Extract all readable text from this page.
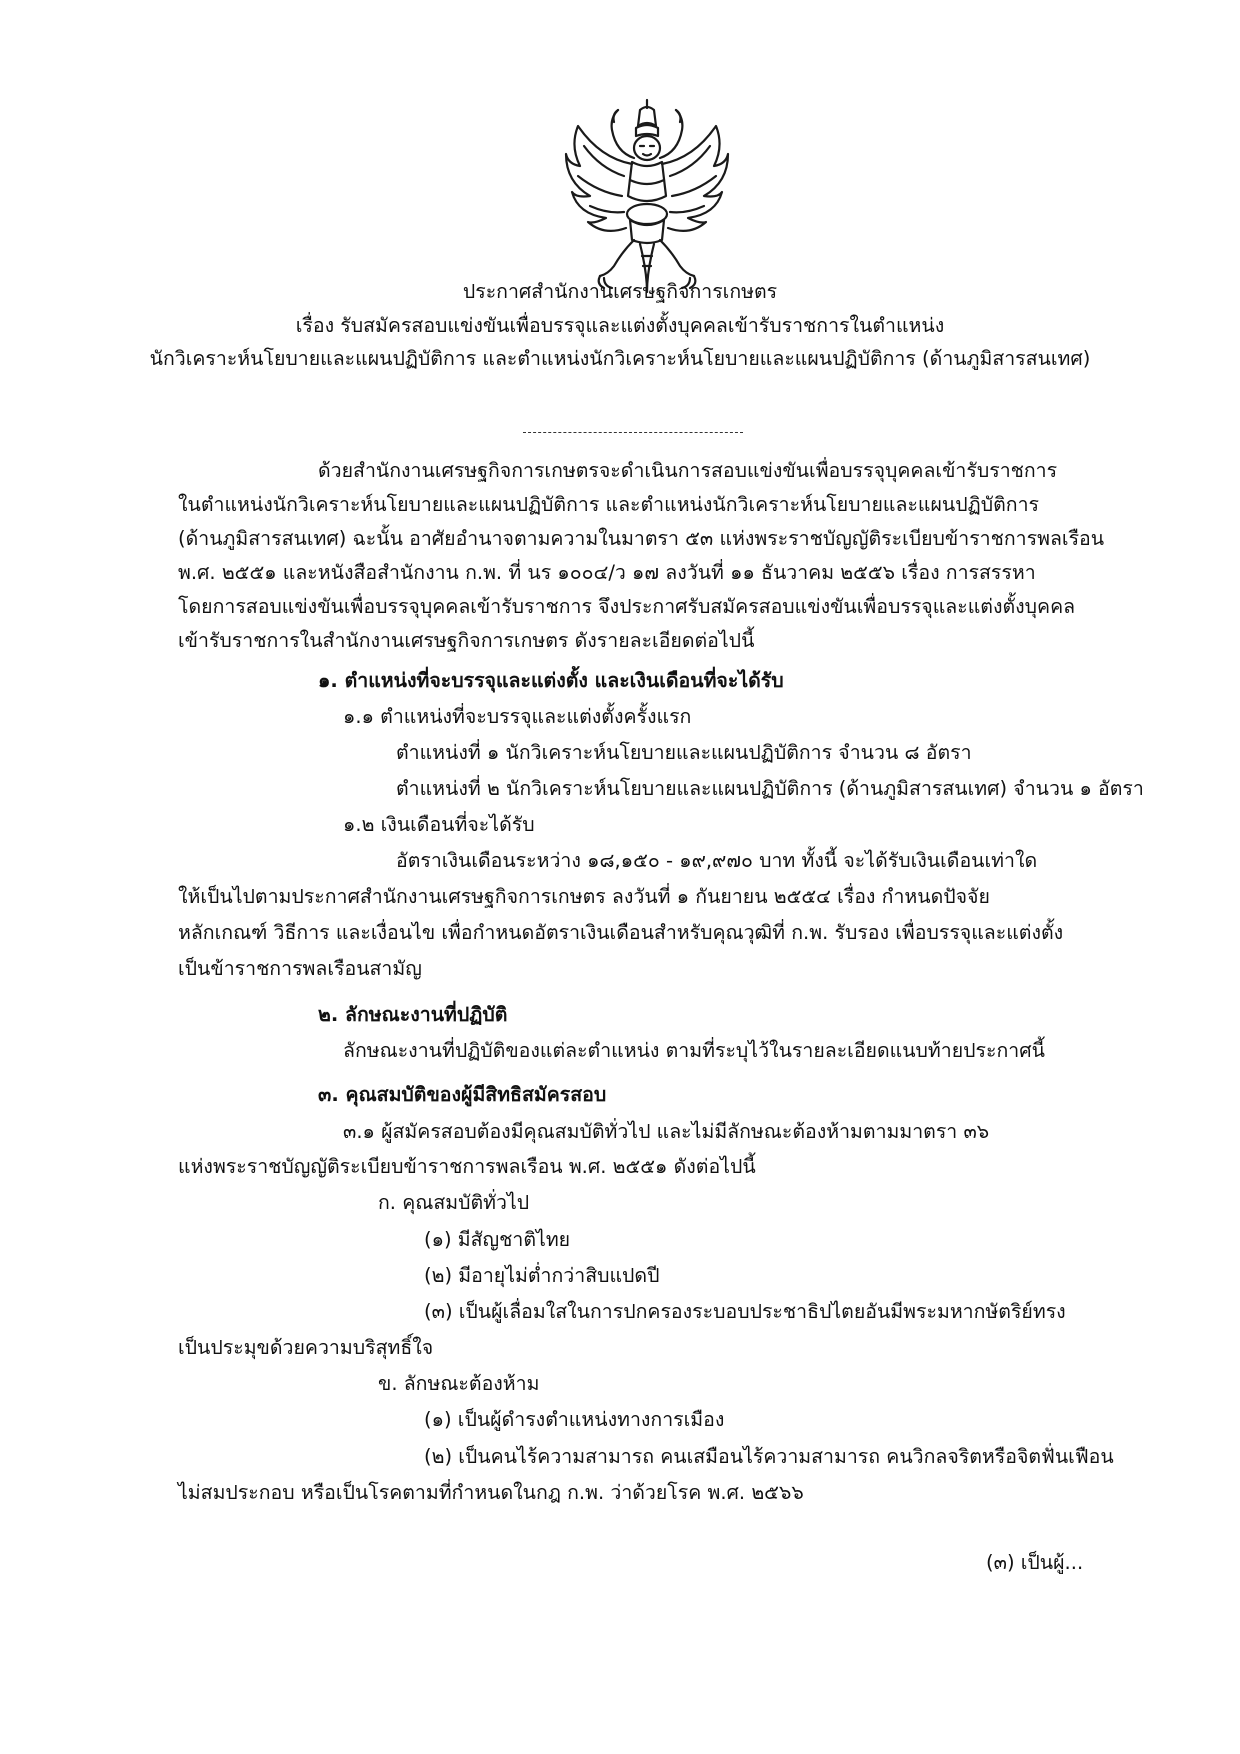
ประกาศสำนักงานเศรษฐกิจการเกษตร
เรื่อง รับสมัครสอบแข่งขันเพื่อบรรจุและแต่งตั้งบุคคลเข้ารับราชการในตำแหน่ง
นักวิเคราะห์นโยบายและแผนปฏิบัติการ และตำแหน่งนักวิเคราะห์นโยบายและแผนปฏิบัติการ (ด้านภูมิสารสนเทศ)
ด้วยสำนักงานเศรษฐกิจการเกษตรจะดำเนินการสอบแข่งขันเพื่อบรรจุบุคคลเข้ารับราชการ
ในตำแหน่งนักวิเคราะห์นโยบายและแผนปฏิบัติการ และตำแหน่งนักวิเคราะห์นโยบายและแผนปฏิบัติการ
(ด้านภูมิสารสนเทศ) ฉะนั้น อาศัยอำนาจตามความในมาตรา ๕๓ แห่งพระราชบัญญัติระเบียบข้าราชการพลเรือน
พ.ศ. ๒๕๕๑ และหนังสือสำนักงาน ก.พ. ที่ นร ๑๐๐๔/ว ๑๗ ลงวันที่ ๑๑ ธันวาคม ๒๕๕๖ เรื่อง การสรรหา
โดยการสอบแข่งขันเพื่อบรรจุบุคคลเข้ารับราชการ จึงประกาศรับสมัครสอบแข่งขันเพื่อบรรจุและแต่งตั้งบุคคล
เข้ารับราชการในสำนักงานเศรษฐกิจการเกษตร ดังรายละเอียดต่อไปนี้
๑. ตำแหน่งที่จะบรรจุและแต่งตั้ง และเงินเดือนที่จะได้รับ
๑.๑ ตำแหน่งที่จะบรรจุและแต่งตั้งครั้งแรก
ตำแหน่งที่ ๑ นักวิเคราะห์นโยบายและแผนปฏิบัติการ จำนวน ๘ อัตรา
ตำแหน่งที่ ๒ นักวิเคราะห์นโยบายและแผนปฏิบัติการ (ด้านภูมิสารสนเทศ) จำนวน ๑ อัตรา
๑.๒ เงินเดือนที่จะได้รับ
อัตราเงินเดือนระหว่าง ๑๘,๑๕๐ - ๑๙,๙๗๐ บาท ทั้งนี้ จะได้รับเงินเดือนเท่าใด
ให้เป็นไปตามประกาศสำนักงานเศรษฐกิจการเกษตร ลงวันที่ ๑ กันยายน ๒๕๕๔ เรื่อง กำหนดปัจจัย
หลักเกณฑ์ วิธีการ และเงื่อนไข เพื่อกำหนดอัตราเงินเดือนสำหรับคุณวุฒิที่ ก.พ. รับรอง เพื่อบรรจุและแต่งตั้ง
เป็นข้าราชการพลเรือนสามัญ
๒. ลักษณะงานที่ปฏิบัติ
ลักษณะงานที่ปฏิบัติของแต่ละตำแหน่ง ตามที่ระบุไว้ในรายละเอียดแนบท้ายประกาศนี้
๓. คุณสมบัติของผู้มีสิทธิสมัครสอบ
๓.๑ ผู้สมัครสอบต้องมีคุณสมบัติทั่วไป และไม่มีลักษณะต้องห้ามตามมาตรา ๓๖
แห่งพระราชบัญญัติระเบียบข้าราชการพลเรือน พ.ศ. ๒๕๕๑ ดังต่อไปนี้
ก. คุณสมบัติทั่วไป
(๑) มีสัญชาติไทย
(๒) มีอายุไม่ต่ำกว่าสิบแปดปี
(๓) เป็นผู้เลื่อมใสในการปกครองระบอบประชาธิปไตยอันมีพระมหากษัตริย์ทรง
เป็นประมุขด้วยความบริสุทธิ์ใจ
ข. ลักษณะต้องห้าม
(๑) เป็นผู้ดำรงตำแหน่งทางการเมือง
(๒) เป็นคนไร้ความสามารถ คนเสมือนไร้ความสามารถ คนวิกลจริตหรือจิตฟั่นเฟือน
ไม่สมประกอบ หรือเป็นโรคตามที่กำหนดในกฎ ก.พ. ว่าด้วยโรค พ.ศ. ๒๕๖๖
(๓) เป็นผู้...
